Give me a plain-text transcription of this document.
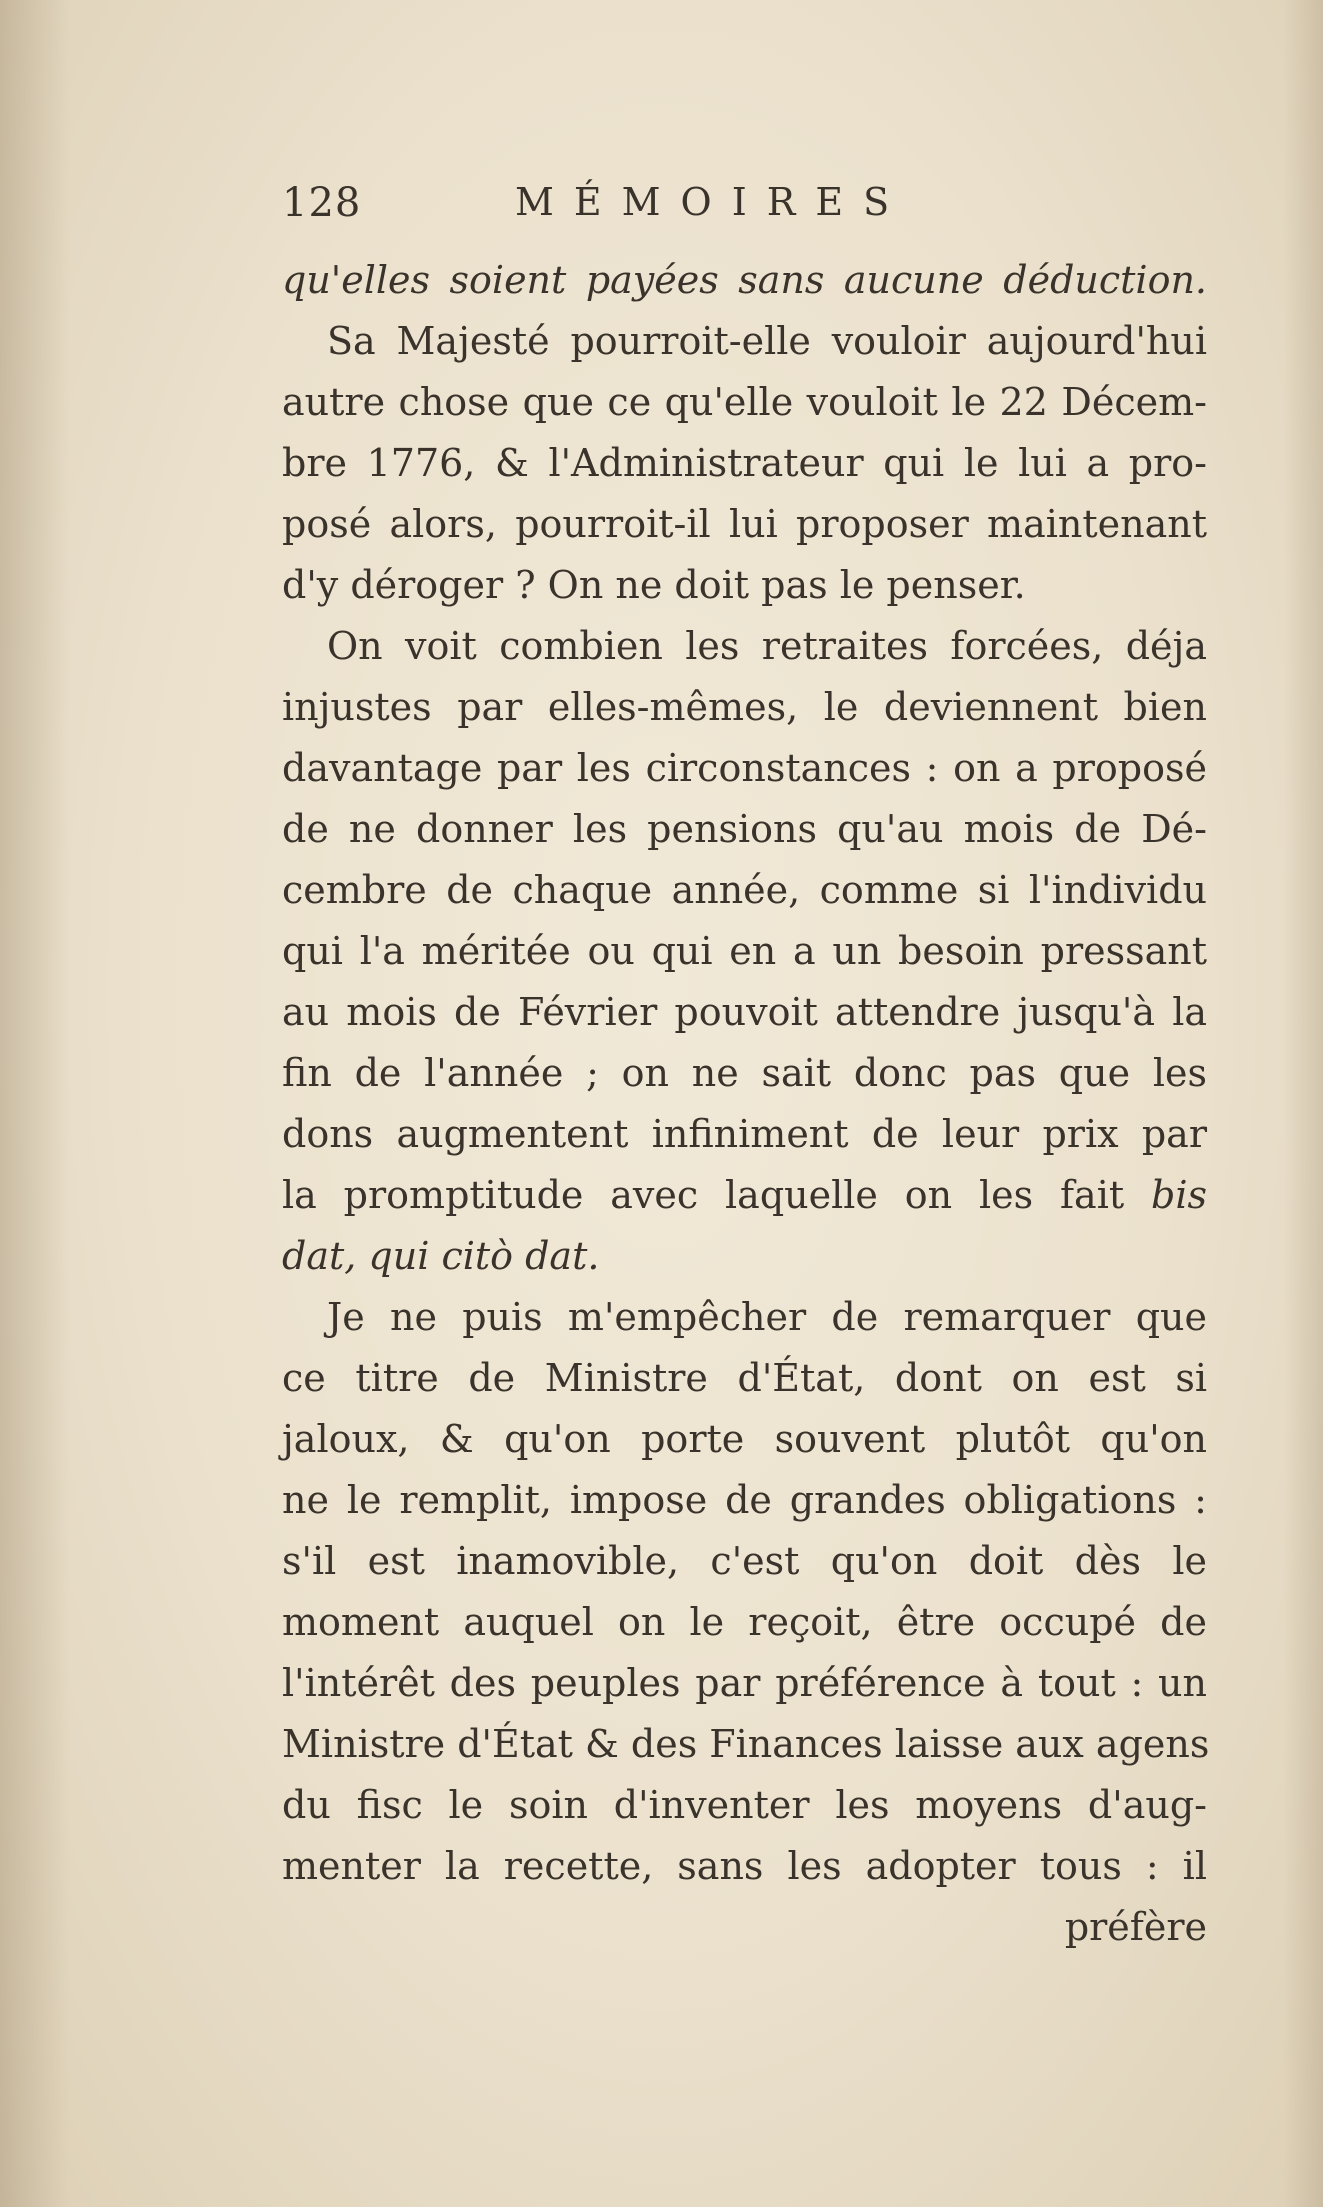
128	MÉMOIRES
qu'elles soient payées sans aucune déduction.
Sa Majesté pourroit-elle vouloir aujourd'hui
autre chose que ce qu'elle vouloit le 22 Décem-
bre 1776, & l'Administrateur qui le lui a pro-
posé alors, pourroit-il lui proposer maintenant
d'y déroger ? On ne doit pas le penser.
On voit combien les retraites forcées, déja
injustes par elles-mêmes, le deviennent bien
davantage par les circonstances : on a proposé
de ne donner les pensions qu'au mois de Dé-
cembre de chaque année, comme si l'individu
qui l'a méritée ou qui en a un besoin pressant
au mois de Février pouvoit attendre jusqu'à la
fin de l'année ; on ne sait donc pas que les
dons augmentent infiniment de leur prix par
la promptitude avec laquelle on les fait bis
dat, qui citò dat.
Je ne puis m'empêcher de remarquer que
ce titre de Ministre d'État, dont on est si
jaloux, & qu'on porte souvent plutôt qu'on
ne le remplit, impose de grandes obligations :
s'il est inamovible, c'est qu'on doit dès le
moment auquel on le reçoit, être occupé de
l'intérêt des peuples par préférence à tout : un
Ministre d'État & des Finances laisse aux agens
du fisc le soin d'inventer les moyens d'aug-
menter la recette, sans les adopter tous : il
préfère
